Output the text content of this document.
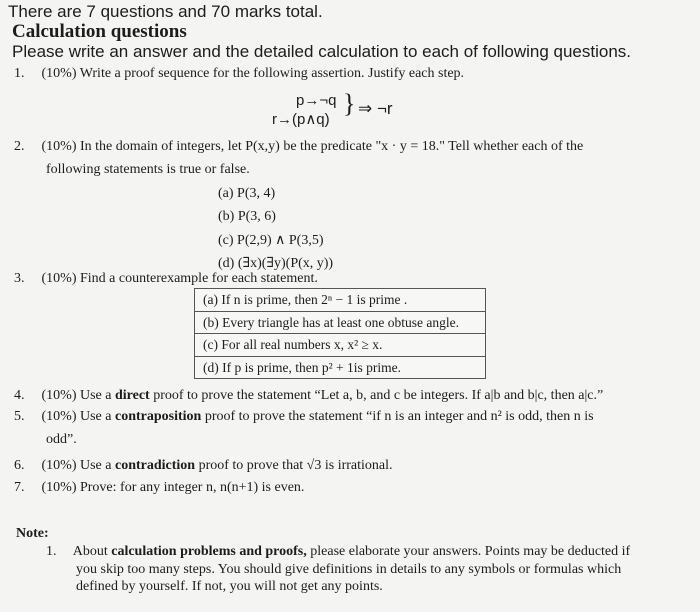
There are 7 questions and 70 marks total.
Calculation questions
Please write an answer and the detailed calculation to each of following questions.
1. (10%) Write a proof sequence for the following assertion. Justify each step.
p→¬q
r→(p∧q)
} ⇒ ¬r
2. (10%) In the domain of integers, let P(x,y) be the predicate "x · y = 18." Tell whether each of the
following statements is true or false.
(a) P(3, 4)
(b) P(3, 6)
(c) P(2,9) ∧ P(3,5)
(d) (∃x)(∃y)(P(x, y))
3. (10%) Find a counterexample for each statement.
(a) If n is prime, then 2ⁿ − 1 is prime .
(b) Every triangle has at least one obtuse angle.
(c) For all real numbers x, x² ≥ x.
(d) If p is prime, then p² + 1is prime.
4. (10%) Use a direct proof to prove the statement “Let a, b, and c be integers. If a|b and b|c, then a|c.”
5. (10%) Use a contraposition proof to prove the statement “if n is an integer and n² is odd, then n is
odd”.
6. (10%) Use a contradiction proof to prove that √3 is irrational.
7. (10%) Prove: for any integer n, n(n+1) is even.
Note:
1. About calculation problems and proofs, please elaborate your answers. Points may be deducted if
you skip too many steps. You should give definitions in details to any symbols or formulas which
defined by yourself. If not, you will not get any points.
